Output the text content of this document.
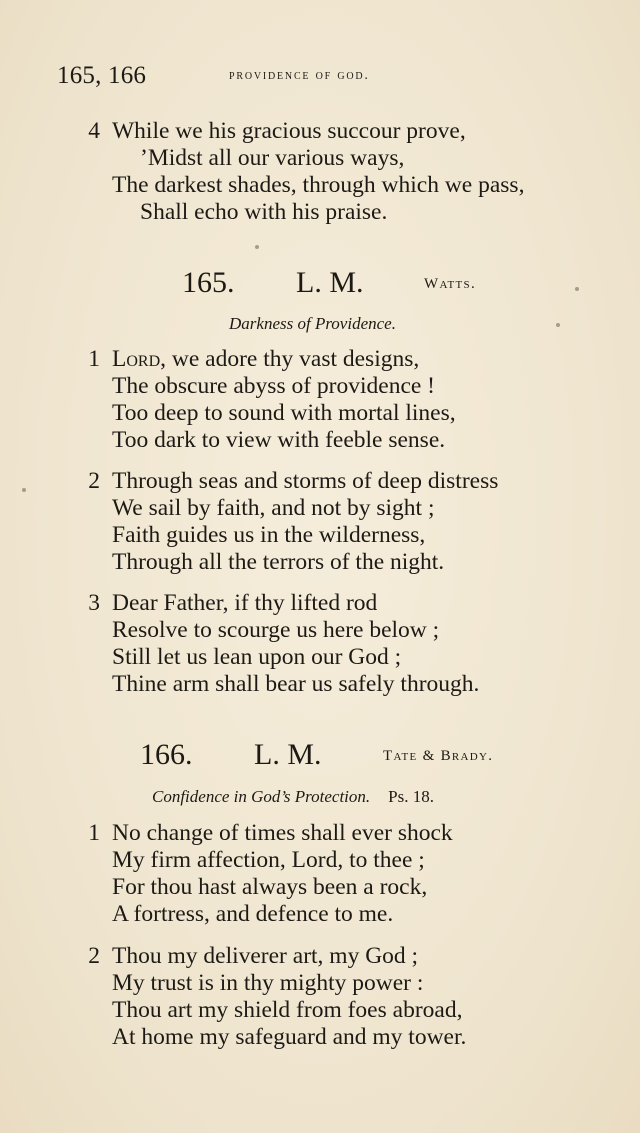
165, 166	providence of god.
4 While we his gracious succour prove,
’Midst all our various ways,
The darkest shades, through which we pass,
Shall echo with his praise.
165. L. M.	Watts.
Darkness of Providence.
1 Lord, we adore thy vast designs,
The obscure abyss of providence !
Too deep to sound with mortal lines,
Too dark to view with feeble sense.
2 Through seas and storms of deep distress
We sail by faith, and not by sight ;
Faith guides us in the wilderness,
Through all the terrors of the night.
3 Dear Father, if thy lifted rod
Resolve to scourge us here below ;
Still let us lean upon our God ;
Thine arm shall bear us safely through.
166. L. M.	Tate & Brady.
Confidence in God’s Protection. Ps. 18.
1 No change of times shall ever shock
My firm affection, Lord, to thee ;
For thou hast always been a rock,
A fortress, and defence to me.
2 Thou my deliverer art, my God ;
My trust is in thy mighty power :
Thou art my shield from foes abroad,
At home my safeguard and my tower.
